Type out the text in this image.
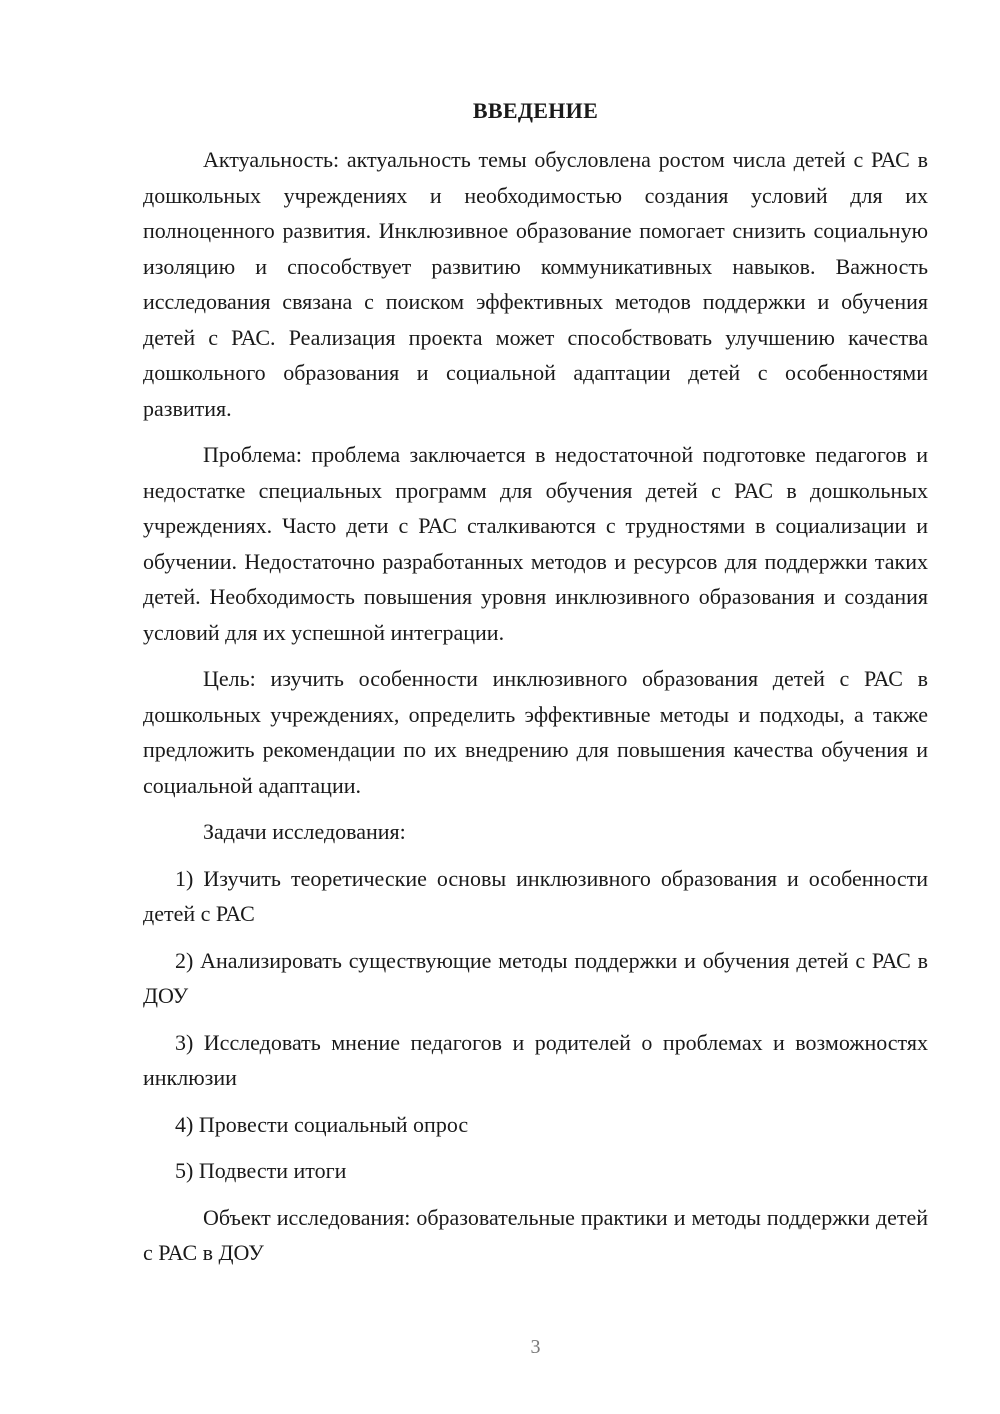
ВВЕДЕНИЕ

Актуальность: актуальность темы обусловлена ростом числа детей с РАС в дошкольных учреждениях и необходимостью создания условий для их полноценного развития. Инклюзивное образование помогает снизить социальную изоляцию и способствует развитию коммуникативных навыков. Важность исследования связана с поиском эффективных методов поддержки и обучения детей с РАС. Реализация проекта может способствовать улучшению качества дошкольного образования и социальной адаптации детей с особенностями развития.

Проблема: проблема заключается в недостаточной подготовке педагогов и недостатке специальных программ для обучения детей с РАС в дошкольных учреждениях. Часто дети с РАС сталкиваются с трудностями в социализации и обучении. Недостаточно разработанных методов и ресурсов для поддержки таких детей. Необходимость повышения уровня инклюзивного образования и создания условий для их успешной интеграции.

Цель: изучить особенности инклюзивного образования детей с РАС в дошкольных учреждениях, определить эффективные методы и подходы, а также предложить рекомендации по их внедрению для повышения качества обучения и социальной адаптации.

Задачи исследования:

1) Изучить теоретические основы инклюзивного образования и особенности детей с РАС

2) Анализировать существующие методы поддержки и обучения детей с РАС в ДОУ

3) Исследовать мнение педагогов и родителей о проблемах и возможностях инклюзии

4) Провести социальный опрос

5) Подвести итоги

Объект исследования: образовательные практики и методы поддержки детей с РАС в ДОУ

3
